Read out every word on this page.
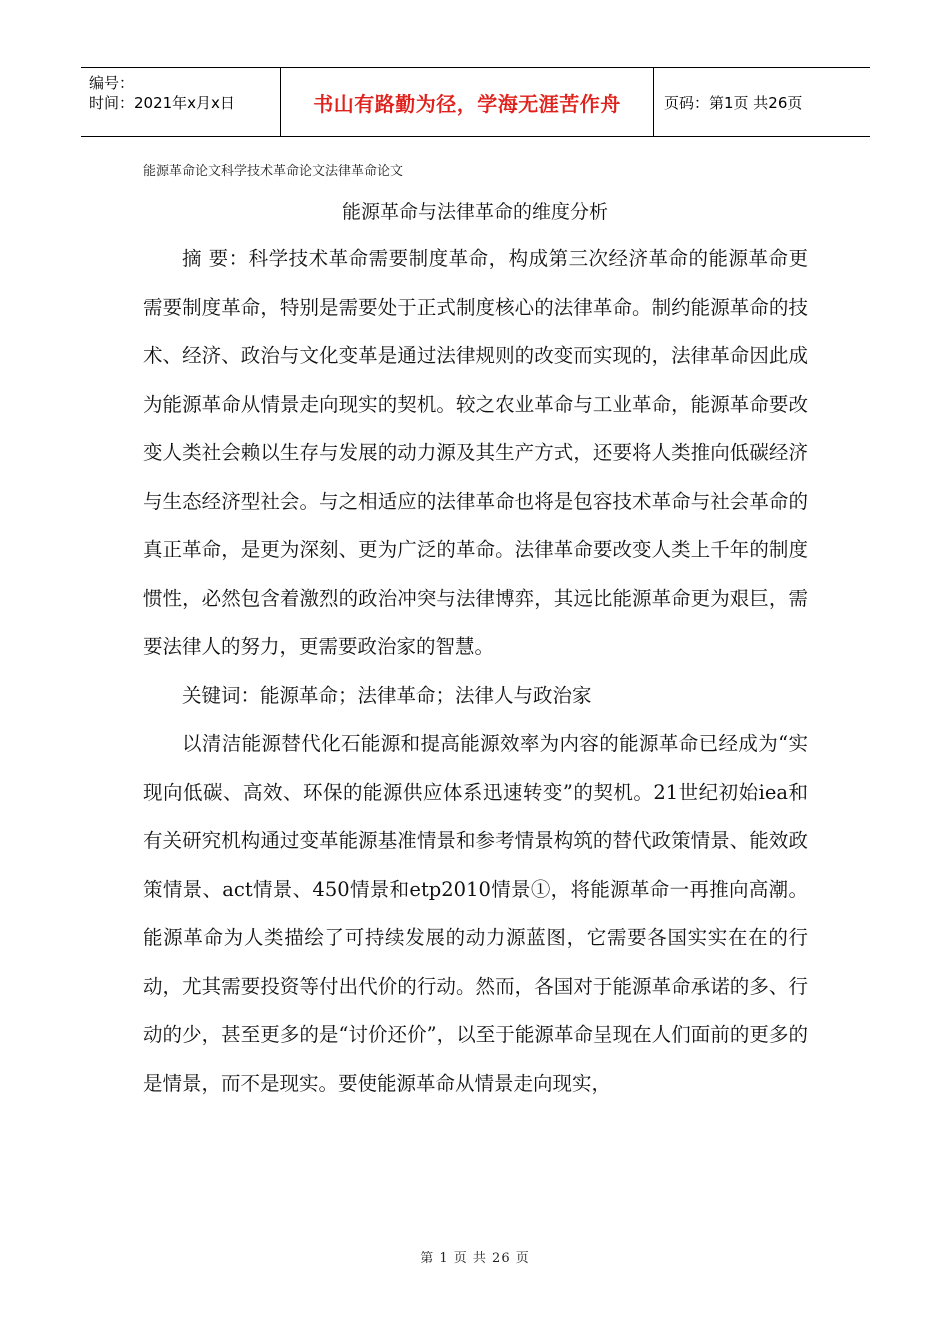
编号：
时间：2021年x月x日	书山有路勤为径，学海无涯苦作舟	页码：第1页 共26页
能源革命论文科学技术革命论文法律革命论文
能源革命与法律革命的维度分析

摘 要：科学技术革命需要制度革命，构成第三次经济革命的能源革命更需要制度革命，特别是需要处于正式制度核心的法律革命。制约能源革命的技术、经济、政治与文化变革是通过法律规则的改变而实现的，法律革命因此成为能源革命从情景走向现实的契机。较之农业革命与工业革命，能源革命要改变人类社会赖以生存与发展的动力源及其生产方式，还要将人类推向低碳经济与生态经济型社会。与之相适应的法律革命也将是包容技术革命与社会革命的真正革命，是更为深刻、更为广泛的革命。法律革命要改变人类上千年的制度惯性，必然包含着激烈的政治冲突与法律博弈，其远比能源革命更为艰巨，需要法律人的努力，更需要政治家的智慧。

关键词：能源革命；法律革命；法律人与政治家

以清洁能源替代化石能源和提高能源效率为内容的能源革命已经成为“实现向低碳、高效、环保的能源供应体系迅速转变”的契机。21世纪初始iea和有关研究机构通过变革能源基准情景和参考情景构筑的替代政策情景、能效政策情景、act情景、450情景和etp2010情景①，将能源革命一再推向高潮。能源革命为人类描绘了可持续发展的动力源蓝图，它需要各国实实在在的行动，尤其需要投资等付出代价的行动。然而，各国对于能源革命承诺的多、行动的少，甚至更多的是“讨价还价”，以至于能源革命呈现在人们面前的更多的是情景，而不是现实。要使能源革命从情景走向现实，

第 1 页 共 26 页
